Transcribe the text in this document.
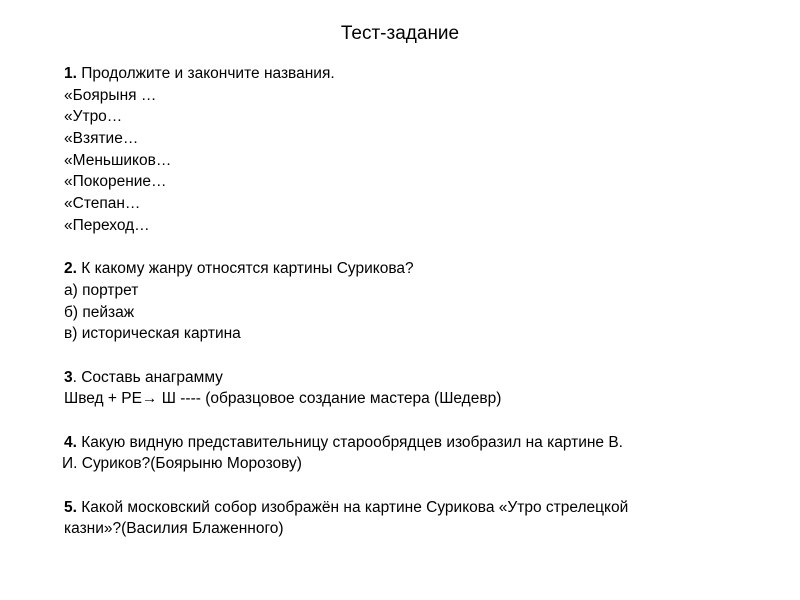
Тест-задание
1. Продолжите и закончите названия.
«Боярыня …
«Утро…
«Взятие…
«Меньшиков…
«Покорение…
«Степан…
«Переход…
2. К какому жанру относятся картины Сурикова?
а) портрет
б) пейзаж
в) историческая картина
3. Составь анаграмму
Швед + РЕ→ Ш ---- (образцовое создание мастера (Шедевр)
4. Какую видную представительницу старообрядцев изобразил на картине В.
И. Суриков?(Боярыню Морозову)
5. Какой московский собор изображён на картине Сурикова «Утро стрелецкой
казни»?(Василия Блаженного)
